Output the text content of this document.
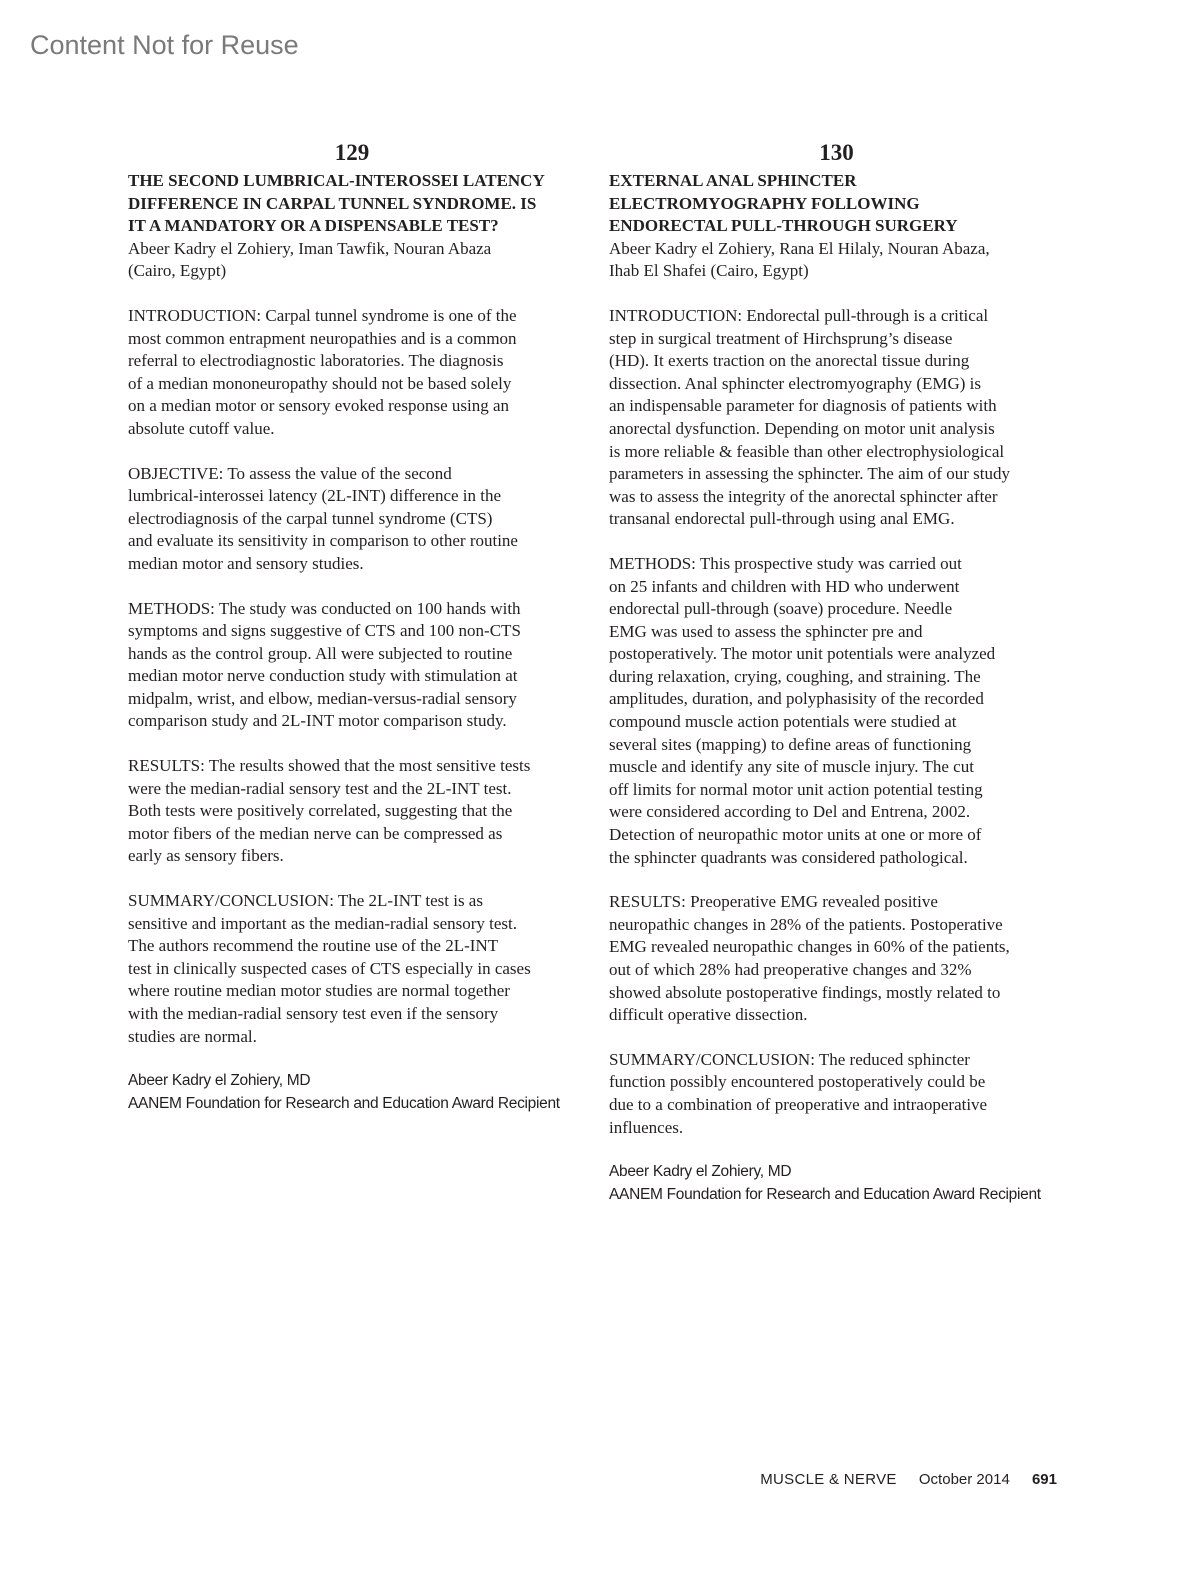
Content Not for Reuse

129
THE SECOND LUMBRICAL-INTEROSSEI LATENCY
DIFFERENCE IN CARPAL TUNNEL SYNDROME. IS
IT A MANDATORY OR A DISPENSABLE TEST?

Abeer Kadry el Zohiery, Iman Tawfik, Nouran Abaza
(Cairo, Egypt)

INTRODUCTION: Carpal tunnel syndrome is one of the
most common entrapment neuropathies and is a common
referral to electrodiagnostic laboratories. The diagnosis
of a median mononeuropathy should not be based solely
on a median motor or sensory evoked response using an
absolute cutoff value.

OBJECTIVE: To assess the value of the second
lumbrical-interossei latency (2L-INT) difference in the
electrodiagnosis of the carpal tunnel syndrome (CTS)
and evaluate its sensitivity in comparison to other routine
median motor and sensory studies.

METHODS: The study was conducted on 100 hands with
symptoms and signs suggestive of CTS and 100 non-CTS
hands as the control group. All were subjected to routine
median motor nerve conduction study with stimulation at
midpalm, wrist, and elbow, median-versus-radial sensory
comparison study and 2L-INT motor comparison study.

RESULTS: The results showed that the most sensitive tests
were the median-radial sensory test and the 2L-INT test.
Both tests were positively correlated, suggesting that the
motor fibers of the median nerve can be compressed as
early as sensory fibers.

SUMMARY/CONCLUSION: The 2L-INT test is as
sensitive and important as the median-radial sensory test.
The authors recommend the routine use of the 2L-INT
test in clinically suspected cases of CTS especially in cases
where routine median motor studies are normal together
with the median-radial sensory test even if the sensory
studies are normal.

Abeer Kadry el Zohiery, MD

AANEM Foundation for Research and Education Award Recipient

130
EXTERNAL ANAL SPHINCTER
ELECTROMYOGRAPHY FOLLOWING
ENDORECTAL PULL-THROUGH SURGERY

Abeer Kadry el Zohiery, Rana El Hilaly, Nouran Abaza,
Ihab El Shafei (Cairo, Egypt)

INTRODUCTION: Endorectal pull-through is a critical
step in surgical treatment of Hirchsprung’s disease
(HD). It exerts traction on the anorectal tissue during
dissection. Anal sphincter electromyography (EMG) is
an indispensable parameter for diagnosis of patients with
anorectal dysfunction. Depending on motor unit analysis
is more reliable & feasible than other electrophysiological
parameters in assessing the sphincter. The aim of our study
was to assess the integrity of the anorectal sphincter after
transanal endorectal pull-through using anal EMG.

METHODS: This prospective study was carried out
on 25 infants and children with HD who underwent
endorectal pull-through (soave) procedure. Needle
EMG was used to assess the sphincter pre and
postoperatively. The motor unit potentials were analyzed
during relaxation, crying, coughing, and straining. The
amplitudes, duration, and polyphasisity of the recorded
compound muscle action potentials were studied at
several sites (mapping) to define areas of functioning
muscle and identify any site of muscle injury. The cut
off limits for normal motor unit action potential testing
were considered according to Del and Entrena, 2002.
Detection of neuropathic motor units at one or more of
the sphincter quadrants was considered pathological.

RESULTS: Preoperative EMG revealed positive
neuropathic changes in 28% of the patients. Postoperative
EMG revealed neuropathic changes in 60% of the patients,
out of which 28% had preoperative changes and 32%
showed absolute postoperative findings, mostly related to
difficult operative dissection.

SUMMARY/CONCLUSION: The reduced sphincter
function possibly encountered postoperatively could be
due to a combination of preoperative and intraoperative
influences.

Abeer Kadry el Zohiery, MD

AANEM Foundation for Research and Education Award Recipient

MUSCLE & NERVE October 2014 691
